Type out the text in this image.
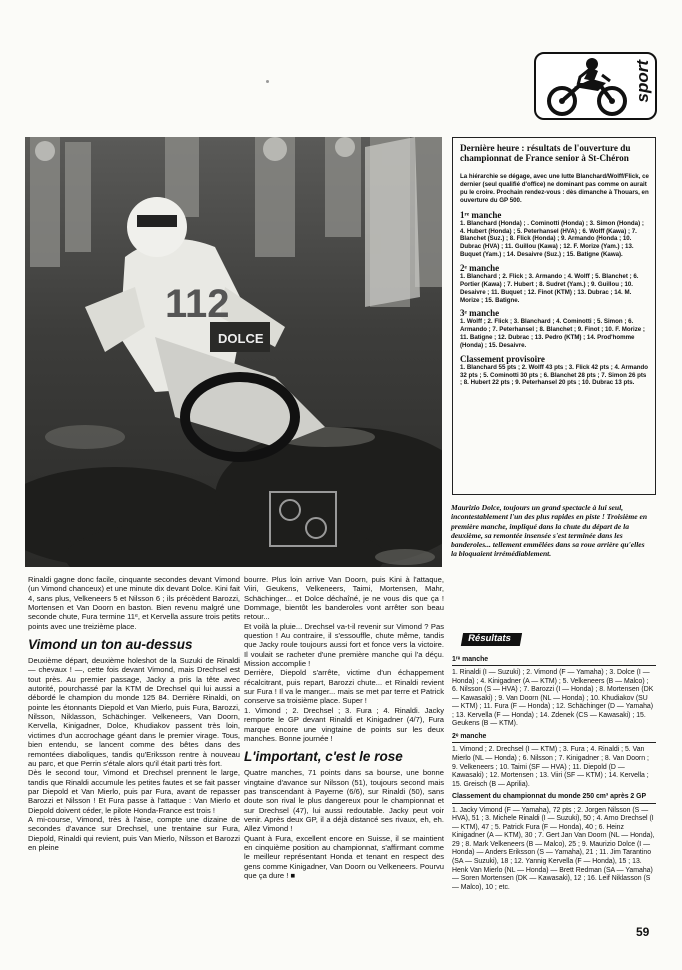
sport
DOLCE
112
Maurizio Dolce, toujours un grand spectacle à lui seul, incontestablement l'un des plus rapides en piste ! Troisième en première manche, impliqué dans la chute du départ de la deuxième, sa remontée insensée s'est terminée dans les banderoles... tellement emmêlées dans sa roue arrière qu'elles la bloquaient irrémédiablement.
Dernière heure : résultats de l'ouverture du championnat de France senior à St-Chéron
La hiérarchie se dégage, avec une lutte Blanchard/Wolff/Flick, ce dernier (seul qualifié d'office) ne dominant pas comme on aurait pu le croire. Prochain rendez-vous : dès dimanche à Thouars, en ouverture du GP 500.
1ʳᵉ manche
1. Blanchard (Honda) ; . Cominotti (Honda) ; 3. Simon (Honda) ; 4. Hubert (Honda) ; 5. Peterhansel (HVA) ; 6. Wolff (Kawa) ; 7. Blanchet (Suz.) ; 8. Flick (Honda) ; 9. Armando (Honda ; 10. Dubrac (HVA) ; 11. Guillou (Kawa) ; 12. F. Morize (Yam.) ; 13. Buquet (Yam.) ; 14. Desaivre (Suz.) ; 15. Batigne (Kawa).
2ᵉ manche
1. Blanchard ; 2. Flick ; 3. Armando ; 4. Wolff ; 5. Blanchet ; 6. Portier (Kawa) ; 7. Hubert ; 8. Sudret (Yam.) ; 9. Guillou ; 10. Desaivre ; 11. Buquet ; 12. Finot (KTM) ; 13. Dubrac ; 14. M. Morize ; 15. Batigne.
3ᵉ manche
1. Wolff ; 2. Flick ; 3. Blanchard ; 4. Cominotti ; 5. Simon ; 6. Armando ; 7. Peterhansel ; 8. Blanchet ; 9. Finot ; 10. F. Morize ; 11. Batigne ; 12. Dubrac ; 13. Pedro (KTM) ; 14. Prod'homme (Honda) ; 15. Desaivre.
Classement provisoire
1. Blanchard 55 pts ; 2. Wolff 43 pts ; 3. Flick 42 pts ; 4. Armando 32 pts ; 5. Cominotti 30 pts ; 6. Blanchet 28 pts ; 7. Simon 26 pts ; 8. Hubert 22 pts ; 9. Peterhansel 20 pts ; 10. Dubrac 13 pts.

Rinaldi gagne donc facile, cinquante secondes devant Vimond (un Vimond chanceux) et une minute dix devant Dolce. Kini fait 4, sans plus, Velkeneers 5 et Nilsson 6 ; ils précèdent Barozzi, Mortensen et Van Doorn en baston. Bien revenu malgré une seconde chute, Fura termine 11ᵉ, et Kervella assure trois petits points avec une treizième place.

Vimond un ton au-dessus

Deuxième départ, deuxième holeshot de la Suzuki de Rinaldi — chevaux ! —, cette fois devant Vimond, mais Drechsel est tout près. Au premier passage, Jacky a pris la tête avec autorité, pourchassé par la KTM de Drechsel qui lui aussi a débordé le champion du monde 125 84. Derrière Rinaldi, on pointe les étonnants Diepold et Van Mierlo, puis Fura, Barozzi, Nilsson, Niklasson, Schächinger. Velkeneers, Van Doorn, Kervella, Kinigadner, Dolce, Khudiakov passent très loin, victimes d'un accrochage géant dans le premier virage. Tous, bien entendu, se lancent comme des bêtes dans des remontées diaboliques, tandis qu'Eriksson rentre à nouveau au parc, et que Perrin s'étale alors qu'il était parti très fort.

Dès le second tour, Vimond et Drechsel prennent le large, tandis que Rinaldi accumule les petites fautes et se fait passer par Diepold et Van Mierlo, puis par Fura, avant de repasser Barozzi et Nilsson ! Et Fura passe à l'attaque : Van Mierlo et Diepold doivent céder, le pilote Honda-France est trois !

A mi-course, Vimond, très à l'aise, compte une dizaine de secondes d'avance sur Drechsel, une trentaine sur Fura, Diepold, Rinaldi qui revient, puis Van Mierlo, Nilsson et Barozzi en pleine

bourre. Plus loin arrive Van Doorn, puis Kini à l'attaque, Viiri, Geukens, Velkeneers, Taimi, Mortensen, Mahr, Schächinger... et Dolce déchaîné, je ne vous dis que ça ! Dommage, bientôt les banderoles vont arrêter son beau retour...

Et voilà la pluie... Drechsel va-t-il revenir sur Vimond ? Pas question ! Au contraire, il s'essouffle, chute même, tandis que Jacky roule toujours aussi fort et fonce vers la victoire. Il voulait se racheter d'une première manche qui l'a déçu. Mission accomplie !

Derrière, Diepold s'arrête, victime d'un échappement récalcitrant, puis repart, Barozzi chute... et Rinaldi revient sur Fura ! Il va le manger... mais se met par terre et Patrick conserve sa troisième place. Super !

1. Vimond ; 2. Drechsel ; 3. Fura ; 4. Rinaldi. Jacky remporte le GP devant Rinaldi et Kinigadner (4/7), Fura marque encore une vingtaine de points sur les deux manches. Bonne journée !

L'important, c'est le rose

Quatre manches, 71 points dans sa bourse, une bonne vingtaine d'avance sur Nilsson (51), toujours second mais pas transcendant à Payerne (6/6), sur Rinaldi (50), sans doute son rival le plus dangereux pour le championnat et sur Drechsel (47), lui aussi redoutable. Jacky peut voir venir. Après deux GP, il a déjà distancé ses rivaux, eh, eh. Allez Vimond !

Quant à Fura, excellent encore en Suisse, il se maintient en cinquième position au championnat, s'affirmant comme le meilleur représentant Honda et tenant en respect des gens comme Kinigadner, Van Doorn ou Velkeneers. Pourvu que ça dure ! ■

Résultats
1ʳᵉ manche
1. Rinaldi (I — Suzuki) ; 2. Vimond (F — Yamaha) ; 3. Dolce (I — Honda) ; 4. Kinigadner (A — KTM) ; 5. Velkeneers (B — Malco) ; 6. Nilsson (S — HVA) ; 7. Barozzi (I — Honda) ; 8. Mortensen (DK — Kawasaki) ; 9. Van Doorn (NL — Honda) ; 10. Khudiakov (SU — KTM) ; 11. Fura (F — Honda) ; 12. Schächinger (D — Yamaha) ; 13. Kervella (F — Honda) ; 14. Zdenek (CS — Kawasaki) ; 15. Geukens (B — KTM).
2ᵉ manche
1. Vimond ; 2. Drechsel (I — KTM) ; 3. Fura ; 4. Rinaldi ; 5. Van Mierlo (NL — Honda) ; 6. Nilsson ; 7. Kinigadner ; 8. Van Doorn ; 9. Velkeneers ; 10. Taimi (SF — HVA) ; 11. Diepold (D — Kawasaki) ; 12. Mortensen ; 13. Viiri (SF — KTM) ; 14. Kervella ; 15. Greisch (B — Aprilia).
Classement du championnat du monde 250 cm³ après 2 GP
1. Jacky Vimond (F — Yamaha), 72 pts ; 2. Jorgen Nilsson (S — HVA), 51 ; 3. Michele Rinaldi (I — Suzuki), 50 ; 4. Arno Drechsel (I — KTM), 47 ; 5. Patrick Fura (F — Honda), 40 ; 6. Heinz Kinigadner (A — KTM), 30 ; 7. Gert Jan Van Doorn (NL — Honda), 29 ; 8. Mark Velkeneers (B — Malco), 25 ; 9. Maurizio Dolce (I — Honda) — Anders Eriksson (S — Yamaha), 21 ; 11. Jim Tarantino (SA — Suzuki), 18 ; 12. Yannig Kervella (F — Honda), 15 ; 13. Henk Van Mierlo (NL — Honda) — Brett Redman (SA — Yamaha) — Soren Mortensen (DK — Kawasaki), 12 ; 16. Leif Niklasson (S — Malco), 10 ; etc.
59
